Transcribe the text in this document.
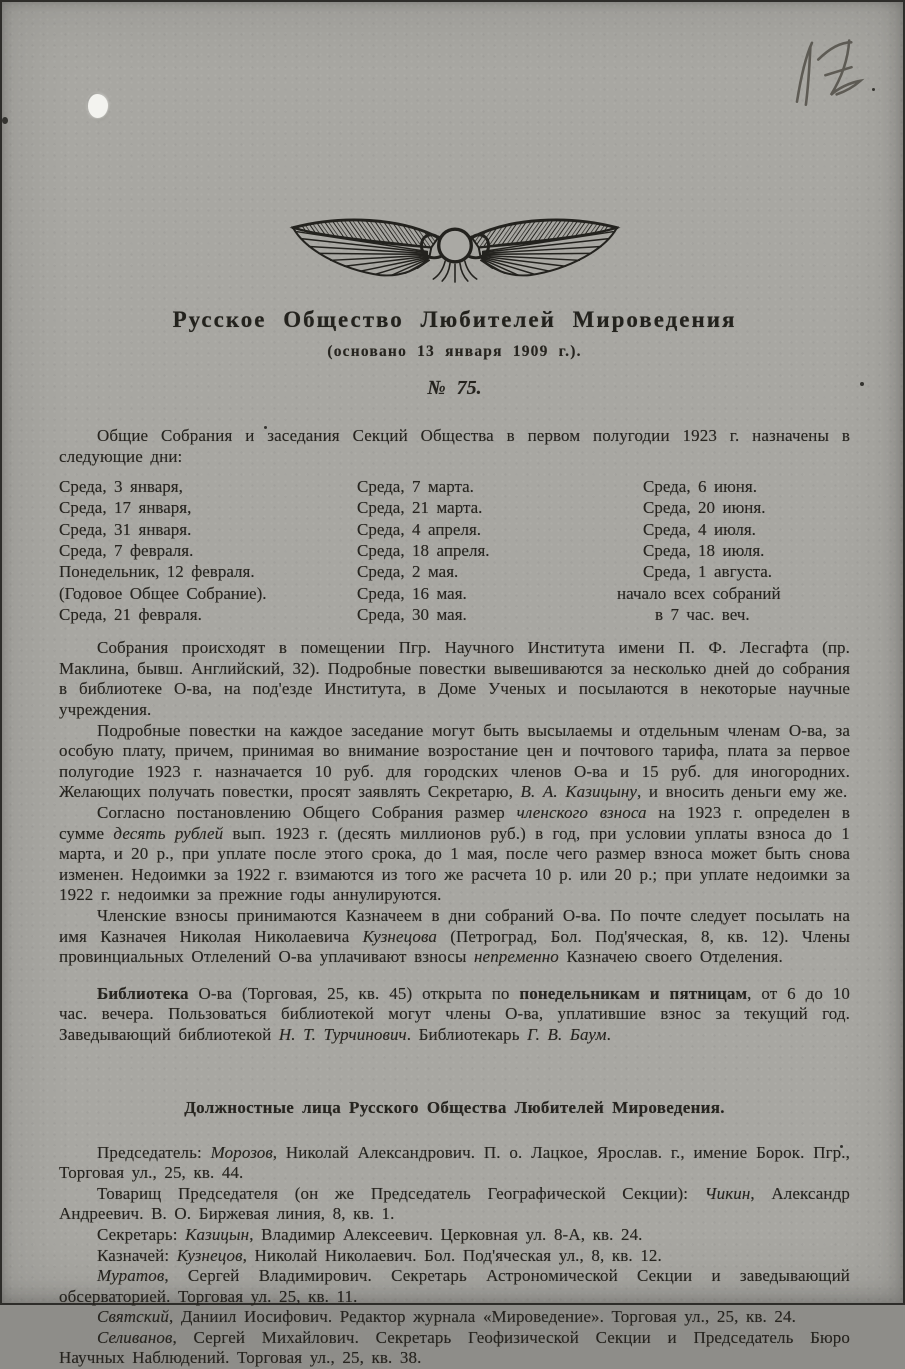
Русское Общество Любителей Мироведения
(основано 13 января 1909 г.).
№ 75.

Общие Собрания и заседания Секций Общества в первом полугодии 1923 г. назначены в следующие дни:

Среда, 3 января,
Среда, 17 января,
Среда, 31 января.
Среда, 7 февраля.
Понедельник, 12 февраля.
(Годовое Общее Собрание).
Среда, 21 февраля.
Среда, 7 марта.
Среда, 21 марта.
Среда, 4 апреля.
Среда, 18 апреля.
Среда, 2 мая.
Среда, 16 мая.
Среда, 30 мая.
Среда, 6 июня.
Среда, 20 июня.
Среда, 4 июля.
Среда, 18 июля.
Среда, 1 августа.
начало всех собраний
в 7 час. веч.

Собрания происходят в помещении Пгр. Научного Института имени П. Ф. Лесгафта (пр. Маклина, бывш. Английский, 32). Подробные повестки вывешиваются за несколько дней до собрания в библиотеке О-ва, на под'езде Института, в Доме Ученых и посылаются в некоторые научные учреждения.

Подробные повестки на каждое заседание могут быть высылаемы и отдельным членам О-ва, за особую плату, причем, принимая во внимание возростание цен и почтового тарифа, плата за первое полугодие 1923 г. назначается 10 руб. для городских членов О-ва и 15 руб. для иногородних. Желающих получать повестки, просят заявлять Секретарю, В. А. Казицыну, и вносить деньги ему же.

Согласно постановлению Общего Собрания размер членского взноса на 1923 г. определен в сумме десять рублей вып. 1923 г. (десять миллионов руб.) в год, при условии уплаты взноса до 1 марта, и 20 р., при уплате после этого срока, до 1 мая, после чего размер взноса может быть снова изменен. Недоимки за 1922 г. взимаются из того же расчета 10 р. или 20 р.; при уплате недоимки за 1922 г. недоимки за прежние годы аннулируются.

Членские взносы принимаются Казначеем в дни собраний О-ва. По почте следует посылать на имя Казначея Николая Николаевича Кузнецова (Петроград, Бол. Под'яческая, 8, кв. 12). Члены провинциальных Отлелений О-ва уплачивают взносы непременно Казначею своего Отделения.

Библиотека О-ва (Торговая, 25, кв. 45) открыта по понедельникам и пятницам, от 6 до 10 час. вечера. Пользоваться библиотекой могут члены О-ва, уплатившие взнос за текущий год. Заведывающий библиотекой Н. Т. Турчинович. Библиотекарь Г. В. Баум.

Должностные лица Русского Общества Любителей Мироведения.

Председатель: Морозов, Николай Александрович. П. о. Лацкое, Ярослав. г., имение Борок. Пгр., Торговая ул., 25, кв. 44.

Товарищ Председателя (он же Председатель Географической Секции): Чикин, Александр Андреевич. В. О. Биржевая линия, 8, кв. 1.

Секретарь: Казицын, Владимир Алексеевич. Церковная ул. 8-А, кв. 24.

Казначей: Кузнецов, Николай Николаевич. Бол. Под'яческая ул., 8, кв. 12.

Муратов, Сергей Владимирович. Секретарь Астрономической Секции и заведывающий обсерваторией. Торговая ул. 25, кв. 11.

Святский, Даниил Иосифович. Редактор журнала «Мироведение». Торговая ул., 25, кв. 24.

Селиванов, Сергей Михайлович. Секретарь Геофизической Секции и Председатель Бюро Научных Наблюдений. Торговая ул., 25, кв. 38.
